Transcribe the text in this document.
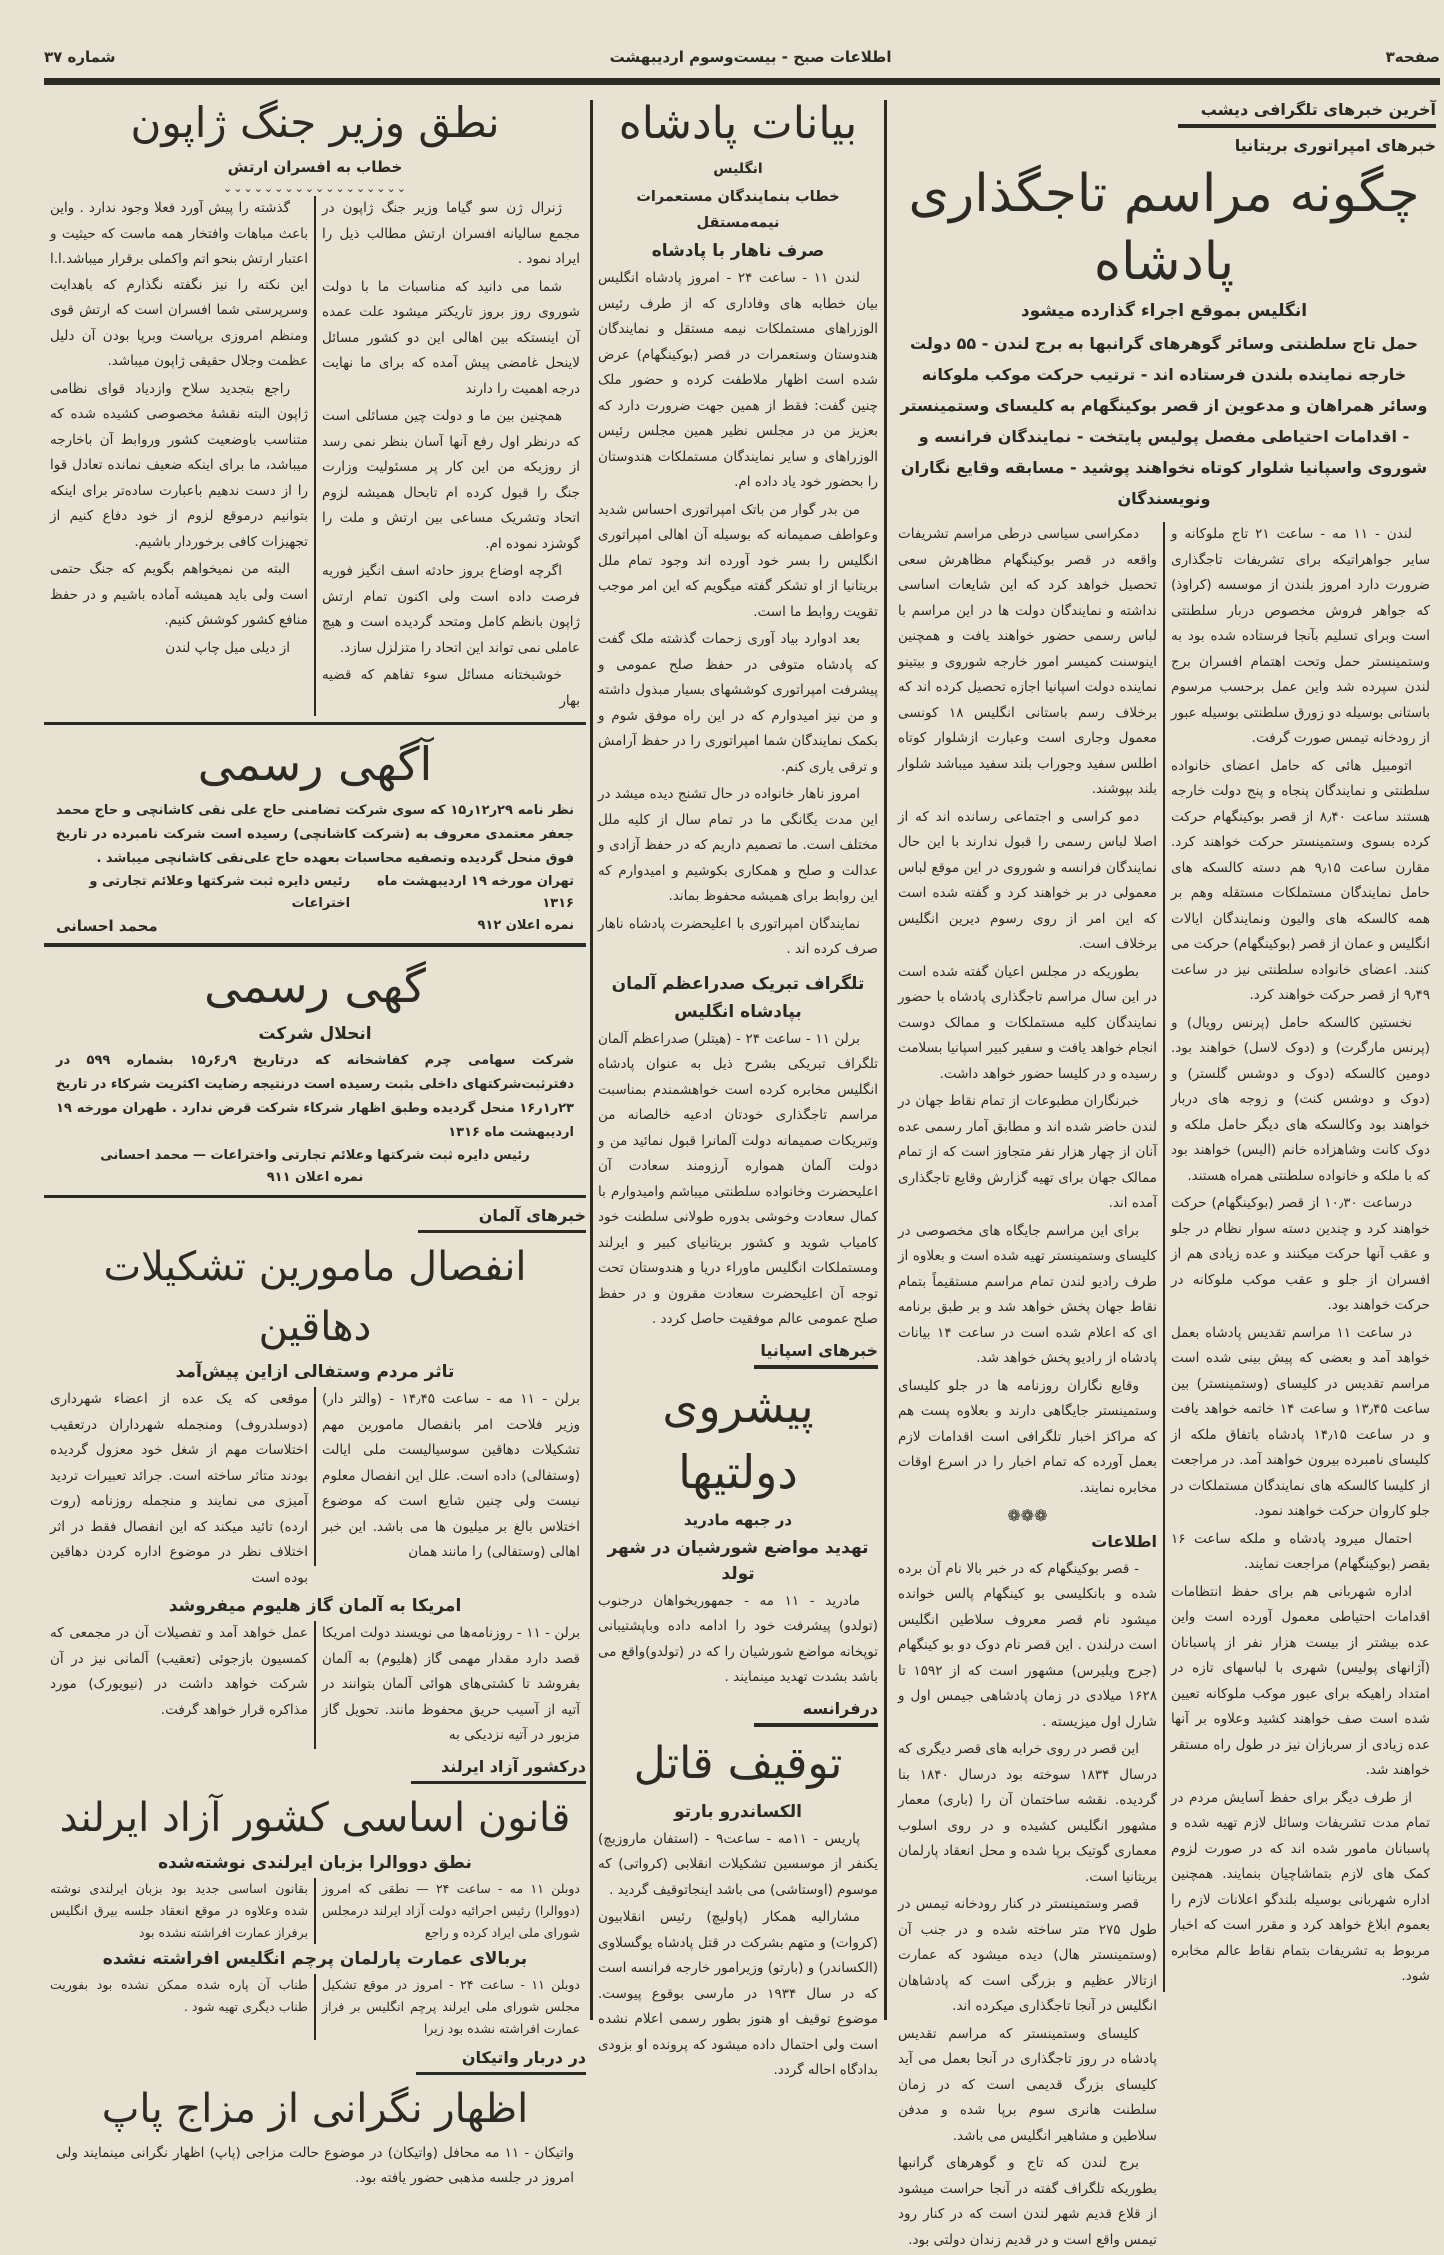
صفحه۳
اطلاعات صبح - بیست‌وسوم اردیبهشت
شماره ۳۷
آخرین خبرهای تلگرافی دیشب
خبرهای امپراتوری بریتانیا
چگونه مراسم تاجگذاری پادشاه
انگلیس بموقع اجراء گذارده میشود
حمل تاج سلطنتی وسائر گوهرهای گرانبها به برج لندن - ۵۵ دولت خارجه نماینده بلندن فرستاده اند - ترتیب حرکت موکب ملوکانه وسائر همراهان و مدعوین از قصر بوکینگهام به کلیسای وستمینستر - اقدامات احتیاطی مفصل پولیس پایتخت - نمایندگان فرانسه و شوروی واسپانیا شلوار کوتاه نخواهند پوشید - مسابقه وقایع نگاران ونویسندگان

لندن - ۱۱ مه - ساعت ۲۱ تاج ملوکانه و سایر جواهراتیکه برای تشریفات تاجگذاری ضرورت دارد امروز بلندن از موسسه (کراوذ) که جواهر فروش مخصوص دربار سلطنتی است وبرای تسلیم بآنجا فرستاده شده بود به وستمینستر حمل وتحت اهتمام افسران برج لندن سپرده شد واین عمل برحسب مرسوم باستانی بوسیله دو زورق سلطنتی بوسیله عبور از رودخانه تیمس صورت گرفت.

اتومبیل هائی که حامل اعضای خانواده سلطنتی و نمایندگان پنجاه و پنج دولت خارجه هستند ساعت ۸٫۴۰ از قصر بوکینگهام حرکت کرده بسوی وستمینستر حرکت خواهند کرد. مقارن ساعت ۹٫۱۵ هم دسته کالسکه های حامل نمایندگان مستملکات مستقله وهم بر همه کالسکه های والیون ونمایندگان ایالات انگلیس و عمان از قصر (بوکینگهام) حرکت می کنند. اعضای خانواده سلطنتی نیز در ساعت ۹٫۴۹ از قصر حرکت خواهند کرد.

نخستین کالسکه حامل (پرنس رویال) و (پرنس مارگرت) و (دوک لاسل) خواهند بود. دومین کالسکه (دوک و دوشس گلستر) و (دوک و دوشس کنت) و زوجه های دربار خواهند بود وکالسکه های دیگر حامل ملکه و دوک کانت وشاهزاده خانم (الیس) خواهند بود که با ملکه و خانواده سلطنتی همراه هستند.

درساعت ۱۰٫۳۰ از قصر (بوکینگهام) حرکت خواهند کرد و چندین دسته سوار نظام در جلو و عقب آنها حرکت میکنند و عده زیادی هم از افسران از جلو و عقب موکب ملوکانه در حرکت خواهند بود.

در ساعت ۱۱ مراسم تقدیس پادشاه بعمل خواهد آمد و بعضی که پیش بینی شده است مراسم تقدیس در کلیسای (وستمینستر) بین ساعت ۱۳٫۴۵ و ساعت ۱۴ خاتمه خواهد یافت و در ساعت ۱۴٫۱۵ پادشاه باتفاق ملکه از کلیسای نامبرده بیرون خواهند آمد. در مراجعت از کلیسا کالسکه های نمایندگان مستملکات در جلو کاروان حرکت خواهند نمود.

احتمال میرود پادشاه و ملکه ساعت ۱۶ بقصر (بوکینگهام) مراجعت نمایند.

اداره شهربانی هم برای حفظ انتظامات اقدامات احتیاطی معمول آورده است واین عده بیشتر از بیست هزار نفر از پاسبانان (آژانهای پولیس) شهری با لباسهای تازه در امتداد راهیکه برای عبور موکب ملوکانه تعیین شده است صف خواهند کشید وعلاوه بر آنها عده زیادی از سربازان نیز در طول راه مستقر خواهند شد.

از طرف دیگر برای حفظ آسایش مردم در تمام مدت تشریفات وسائل لازم تهیه شده و پاسبانان مامور شده اند که در صورت لزوم کمک های لازم بتماشاچیان بنمایند. همچنین اداره شهربانی بوسیله بلندگو اعلانات لازم را بعموم ابلاغ خواهد کرد و مقرر است که اخبار مربوط به تشریفات بتمام نقاط عالم مخابره شود.

دمکراسی سیاسی درطی مراسم تشریفات واقعه در قصر بوکینگهام مظاهرش سعی تحصیل خواهد کرد که این شایعات اساسی نداشته و نمایندگان دولت ها در این مراسم با لباس رسمی حضور خواهند یافت و همچنین اینوسنت کمیسر امور خارجه شوروی و بیتینو نماینده دولت اسپانیا اجازه تحصیل کرده اند که برخلاف رسم باستانی انگلیس ۱۸ کونسی معمول وجاری است وعبارت ازشلوار کوتاه اطلس سفید وجوراب بلند سفید میباشد شلوار بلند بپوشند.

دمو کراسی و اجتماعی رسانده اند که از اصلا لباس رسمی را قبول ندارند با این حال نمایندگان فرانسه و شوروی در این موقع لباس معمولی در بر خواهند کرد و گفته شده است که این امر از روی رسوم دیرین انگلیس برخلاف است.

بطوریکه در مجلس اعیان گفته شده است در این سال مراسم تاجگذاری پادشاه با حضور نمایندگان کلیه مستملکات و ممالک دوست انجام خواهد یافت و سفیر کبیر اسپانیا بسلامت رسیده و در کلیسا حضور خواهد داشت.

خبرنگاران مطبوعات از تمام نقاط جهان در لندن حاضر شده اند و مطابق آمار رسمی عده آنان از چهار هزار نفر متجاوز است که از تمام ممالک جهان برای تهیه گزارش وقایع تاجگذاری آمده اند.

برای این مراسم جایگاه های مخصوصی در کلیسای وستمینستر تهیه شده است و بعلاوه از طرف رادیو لندن تمام مراسم مستقیماً بتمام نقاط جهان پخش خواهد شد و بر طبق برنامه ای که اعلام شده است در ساعت ۱۴ بیانات پادشاه از رادیو پخش خواهد شد.

وقایع نگاران روزنامه ها در جلو کلیسای وستمینستر جایگاهی دارند و بعلاوه پست هم که مراکز اخبار تلگرافی است اقدامات لازم بعمل آورده که تمام اخبار را در اسرع اوقات مخابره نمایند.

❁❁❁

اطلاعات

- قصر بوکینگهام که در خبر بالا نام آن برده شده و بانکلیسی بو کینگهام پالس خوانده میشود نام قصر معروف سلاطین انگلیس است درلندن . این قصر نام دوک دو بو کینگهام (جرج ویلیرس) مشهور است که از ۱۵۹۲ تا ۱۶۲۸ میلادی در زمان پادشاهی جیمس اول و شارل اول میزیسته .

این قصر در روی خرابه های قصر دیگری که درسال ۱۸۳۴ سوخته بود درسال ۱۸۴۰ بنا گردیده. نقشه ساختمان آن را (باری) معمار مشهور انگلیس کشیده و در روی اسلوب معماری گوتیک برپا شده و محل انعقاد پارلمان بریتانیا است.

قصر وستمینستر در کنار رودخانه تیمس در طول ۲۷۵ متر ساخته شده و در جنب آن (وستمینستر هال) دیده میشود که عمارت ازتالار عظیم و بزرگی است که پادشاهان انگلیس در آنجا تاجگذاری میکرده اند.

کلیسای وستمینستر که مراسم تقدیس پادشاه در روز تاجگذاری در آنجا بعمل می آید کلیسای بزرگ قدیمی است که در زمان سلطنت هانری سوم برپا شده و مدفن سلاطین و مشاهیر انگلیس می باشد.

برج لندن که تاج و گوهرهای گرانبها بطوریکه تلگراف گفته در آنجا حراست میشود از قلاع قدیم شهر لندن است که در کنار رود تیمس واقع است و در قدیم زندان دولتی بود.

بیانات پادشاه
انگلیس
خطاب بنمایندگان مستعمرات نیمه‌مستقل
صرف ناهار با پادشاه

لندن ۱۱ - ساعت ۲۴ - امروز پادشاه انگلیس بیان خطابه های وفاداری که از طرف رئیس الوزراهای مستملکات نیمه مستقل و نمایندگان هندوستان وستعمرات در قصر (بوکینگهام) عرض شده است اظهار ملاطفت کرده و حضور ملک چنین گفت: فقط از همین جهت ضرورت دارد که بعزیز من در مجلس نظیر همین مجلس رئیس الوزراهای و سایر نمایندگان مستملکات هندوستان را بحضور خود یاد داده ام.

من بدر گوار من باتک امپراتوری احساس شدید وعواطف صمیمانه که بوسیله آن اهالی امپراتوری انگلیس را بسر خود آورده اند وجود تمام ملل بریتانیا از او تشکر گفته میگویم که این امر موجب تقویت روابط ما است.

بعد ادوارد بیاد آوری زحمات گذشته ملک گفت که پادشاه متوفی در حفظ صلح عمومی و پیشرفت امپراتوری کوششهای بسیار مبذول داشته و من نیز امیدوارم که در این راه موفق شوم و بکمک نمایندگان شما امپراتوری را در حفظ آرامش و ترقی یاری کنم.

امروز ناهار خانواده در حال تشنج دیده میشد در این مدت یگانگی ما در تمام سال از کلیه ملل مختلف است. ما تصمیم داریم که در حفظ آزادی و عدالت و صلح و همکاری بکوشیم و امیدوارم که این روابط برای همیشه محفوظ بماند.

نمایندگان امپراتوری با اعلیحضرت پادشاه ناهار صرف کرده اند .

تلگراف تبریک صدراعظم آلمان
بپادشاه انگلیس

برلن ۱۱ - ساعت ۲۴ - (هیتلر) صدراعظم آلمان تلگراف تبریکی بشرح ذیل به عنوان پادشاه انگلیس مخابره کرده است خواهشمندم بمناسبت مراسم تاجگذاری خودتان ادعیه خالصانه من وتبریکات صمیمانه دولت آلمانرا قبول نمائید من و دولت آلمان همواره آرزومند سعادت آن اعلیحضرت وخانواده سلطنتی میباشم وامیدوارم با کمال سعادت وخوشی بدوره طولانی سلطنت خود کامیاب شوید و کشور بریتانیای کبیر و ایرلند ومستملکات انگلیس ماوراء دریا و هندوستان تحت توجه آن اعلیحضرت سعادت مقرون و در حفظ صلح عمومی عالم موفقیت حاصل کردد .

خبرهای اسپانیا
پیشروی دولتیها
در جبهه مادرید
تهدید مواضع شورشیان در شهر تولد

مادرید - ۱۱ مه - جمهوریخواهان درجنوب (تولدو) پیشرفت خود را ادامه داده وباپشتیبانی توپخانه مواضع شورشیان را که در (تولدو)واقع می باشد بشدت تهدید مینمایند .

درفرانسه
توقیف قاتل
الکساندرو بارتو

پاریس - ۱۱مه - ساعت۹ - (استفان ماروزیچ) یکنفر از موسسین تشکیلات انقلابی (کرواتی) که موسوم (اوستاشی) می باشد اینجاتوقیف گردید .

مشارالیه همکار (پاولیچ) رئیس انقلابیون (کروات) و متهم بشرکت در قتل پادشاه یوگسلاوی (الکساندر) و (بارتو) وزیرامور خارجه فرانسه است که در سال ۱۹۳۴ در مارسی بوقوع پیوست. موضوع توقیف او هنوز بطور رسمی اعلام نشده است ولی احتمال داده میشود که پرونده او بزودی بدادگاه احاله گردد.

نطق وزیر جنگ ژاپون
خطاب به افسران ارتش
⌄⌄⌄⌄⌄⌄⌄⌄⌄⌄⌄⌄⌄⌄⌄⌄⌄⌄

ژنرال ژن سو گیاما وزیر جنگ ژاپون در مجمع سالیانه افسران ارتش مطالب ذیل را ایراد نمود .

شما می دانید که مناسبات ما با دولت شوروی روز بروز تاریکتر میشود علت عمده آن اینستکه بین اهالی این دو کشور مسائل لاینحل غامضی پیش آمده که برای ما نهایت درجه اهمیت را دارند

همچنین بین ما و دولت چین مسائلی است که درنظر اول رفع آنها آسان بنظر نمی رسد از روزیکه من این کار پر مسئولیت وزارت جنگ را قبول کرده ام تابحال همیشه لزوم اتحاد وتشریک مساعی بین ارتش و ملت را گوشزد نموده ام.

اگرچه اوضاع بروز حادثه اسف انگیز فوریه فرصت داده است ولی اکنون تمام ارتش ژاپون بانظم کامل ومتحد گردیده است و هیچ عاملی نمی تواند این اتحاد را متزلزل سازد.

خوشبختانه مسائل سوء تفاهم که قضیه بهار

گذشته را پیش آورد فعلا وجود ندارد . واین باعث مباهات وافتخار همه ماست که حیثیت و اعتبار ارتش بنحو اتم واکملی برقرار میباشد.ا.ا این نکته را نیز نگفته نگذارم که باهدایت وسرپرستی شما افسران است که ارتش قوی ومنظم امروزی برپاست وبرپا بودن آن دلیل عظمت وجلال حقیقی ژاپون میباشد.

راجع بتجدید سلاح وازدیاد قوای نظامی ژاپون البته نقشهٔ مخصوصی کشیده شده که متناسب باوضعیت کشور وروابط آن باخارجه میباشد، ما برای اینکه ضعیف نمانده تعادل قوا را از دست ندهیم باعبارت ساده‌تر برای اینکه بتوانیم درموقع لزوم از خود دفاع کنیم از تجهیزات کافی برخوردار باشیم.

البته من نمیخواهم بگویم که جنگ حتمی است ولی باید همیشه آماده باشیم و در حفظ منافع کشور کوشش کنیم.

از دیلی میل چاپ لندن

آگهی رسمی
نظر نامه ۲۹ر۱۲ر۱۵ که سوی شرکت تضامنی حاج علی نقی کاشانچی و حاج محمد جعفر معتمدی معروف به (شرکت کاشانچی) رسیده است شرکت نامبرده در تاریخ فوق منحل گردیده وتصفیه محاسبات بعهده حاج علی‌نقی کاشانچی میباشد .
تهران مورخه ۱۹ اردیبهشت ماه ۱۳۱۶
رئیس دایره ثبت شرکتها وعلائم تجارتی و اختراعات
نمره اعلان ۹۱۲
محمد احسانی
گهی رسمی
انحلال شرکت
شرکت سهامی چرم کفاشخانه که درتاریخ ۹ر۶ر۱۵ بشماره ۵۹۹ در دفترثبت‌شرکتهای داخلی بثبت رسیده است درنتیجه رضایت اکثریت شرکاء در تاریخ ۲۳ر۱ر۱۶ منحل گردیده وطبق اظهار شرکاء شرکت قرض ندارد . طهران مورخه ۱۹ اردیبهشت ماه ۱۳۱۶
رئیس دایره ثبت شرکتها وعلائم تجارتی واختراعات — محمد احسانی
نمره اعلان ۹۱۱
خبرهای آلمان
انفصال مامورین تشکیلات دهاقین
تاثر مردم وستفالی ازاین پیش‌آمد
برلن - ۱۱ مه - ساعت ۱۴٫۴۵ - (والتر دار) وزیر فلاحت امر بانفصال مامورین مهم تشکیلات دهاقین سوسیالیست ملی ایالت (وستفالی) داده است. علل این انفصال معلوم نیست ولی چنین شایع است که موضوع اختلاس بالغ بر میلیون ها می باشد. این خبر اهالی (وستفالی) را مانند همان
موقعی که یک عده از اعضاء شهرداری (دوسلدروف) ومنجمله شهرداران درتعقیب اختلاسات مهم از شغل خود معزول گردیده بودند متاثر ساخته است. جرائد تعبیرات تردید آمیزی می نمایند و منجمله روزنامه (روت ارده) تائید میکند که این انفصال فقط در اثر اختلاف نظر در موضوع اداره کردن دهاقین بوده است
امریکا به آلمان گاز هلیوم میفروشد
برلن - ۱۱ - روزنامه‌ها می نویسند دولت امریکا قصد دارد مقدار مهمی گاز (هلیوم) به آلمان بفروشد تا کشتی‌های هوائی آلمان بتوانند در آتیه از آسیب حریق محفوظ مانند. تحویل گاز مزبور در آتیه نزدیکی به
عمل خواهد آمد و تفصیلات آن در مجمعی که کمسیون بازجوئی (تعقیب) آلمانی نیز در آن شرکت خواهد داشت در (نیویورک) مورد مذاکره قرار خواهد گرفت.
درکشور آزاد ایرلند
قانون اساسی کشور آزاد ایرلند
نطق دووالرا بزبان ایرلندی نوشته‌شده
دوبلن ۱۱ مه - ساعت ۲۴ — نطقی که امروز (دووالرا) رئیس اجرائیه دولت آزاد ایرلند درمجلس شورای ملی ایراد کرده و راجع
بقانون اساسی جدید بود بزبان ایرلندی نوشته شده وعلاوه در موقع انعقاد جلسه بیرق انگلیس برفراز عمارت افراشته نشده بود
بربالای عمارت پارلمان پرچم انگلیس افراشته نشده
دوبلن ۱۱ - ساعت ۲۴ - امروز در موقع تشکیل مجلس شورای ملی ایرلند پرچم انگلیس بر فراز عمارت افراشته نشده بود زیرا
طناب آن پاره شده ممکن نشده بود بفوریت طناب دیگری تهیه شود .
در دربار واتیکان
اظهار نگرانی از مزاج پاپ
واتیکان - ۱۱ مه محافل (واتیکان) در موضوع حالت مزاجی (پاپ) اظهار نگرانی مینمایند ولی امروز در جلسه مذهبی حضور یافته بود.
